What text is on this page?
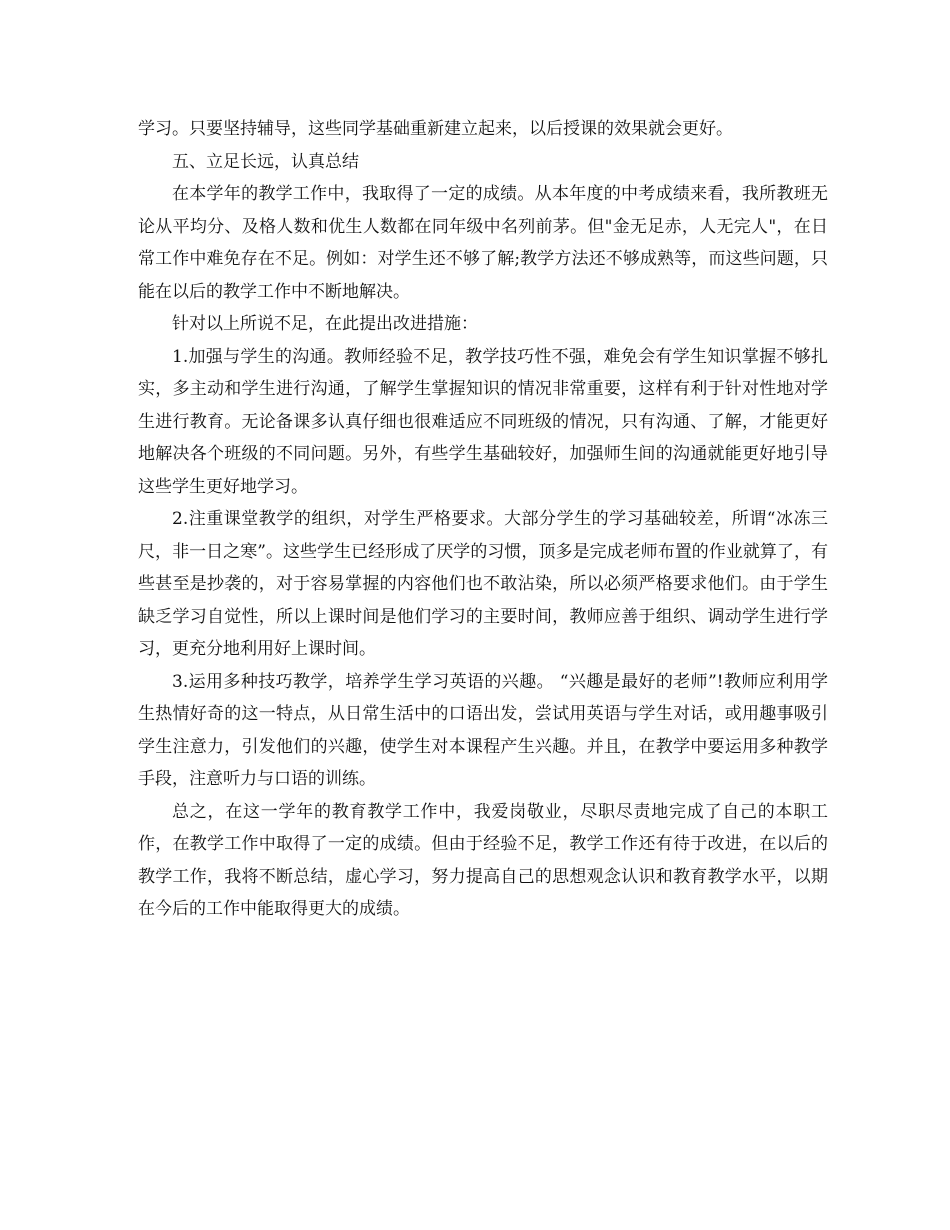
学习。只要坚持辅导，这些同学基础重新建立起来，以后授课的效果就会更好。

五、立足长远，认真总结

在本学年的教学工作中，我取得了一定的成绩。从本年度的中考成绩来看，我所教班无论从平均分、及格人数和优生人数都在同年级中名列前茅。但"金无足赤，人无完人"，在日常工作中难免存在不足。例如：对学生还不够了解;教学方法还不够成熟等，而这些问题，只能在以后的教学工作中不断地解决。

针对以上所说不足，在此提出改进措施：

1.加强与学生的沟通。教师经验不足，教学技巧性不强，难免会有学生知识掌握不够扎实，多主动和学生进行沟通，了解学生掌握知识的情况非常重要，这样有利于针对性地对学生进行教育。无论备课多认真仔细也很难适应不同班级的情况，只有沟通、了解，才能更好地解决各个班级的不同问题。另外，有些学生基础较好，加强师生间的沟通就能更好地引导这些学生更好地学习。

2.注重课堂教学的组织，对学生严格要求。大部分学生的学习基础较差，所谓“冰冻三尺，非一日之寒”。这些学生已经形成了厌学的习惯，顶多是完成老师布置的作业就算了，有些甚至是抄袭的，对于容易掌握的内容他们也不敢沾染，所以必须严格要求他们。由于学生缺乏学习自觉性，所以上课时间是他们学习的主要时间，教师应善于组织、调动学生进行学习，更充分地利用好上课时间。

3.运用多种技巧教学，培养学生学习英语的兴趣。 “兴趣是最好的老师”!教师应利用学生热情好奇的这一特点，从日常生活中的口语出发，尝试用英语与学生对话，或用趣事吸引学生注意力，引发他们的兴趣，使学生对本课程产生兴趣。并且，在教学中要运用多种教学手段，注意听力与口语的训练。

总之，在这一学年的教育教学工作中，我爱岗敬业，尽职尽责地完成了自己的本职工作，在教学工作中取得了一定的成绩。但由于经验不足，教学工作还有待于改进，在以后的教学工作，我将不断总结，虚心学习，努力提高自己的思想观念认识和教育教学水平，以期在今后的工作中能取得更大的成绩。
